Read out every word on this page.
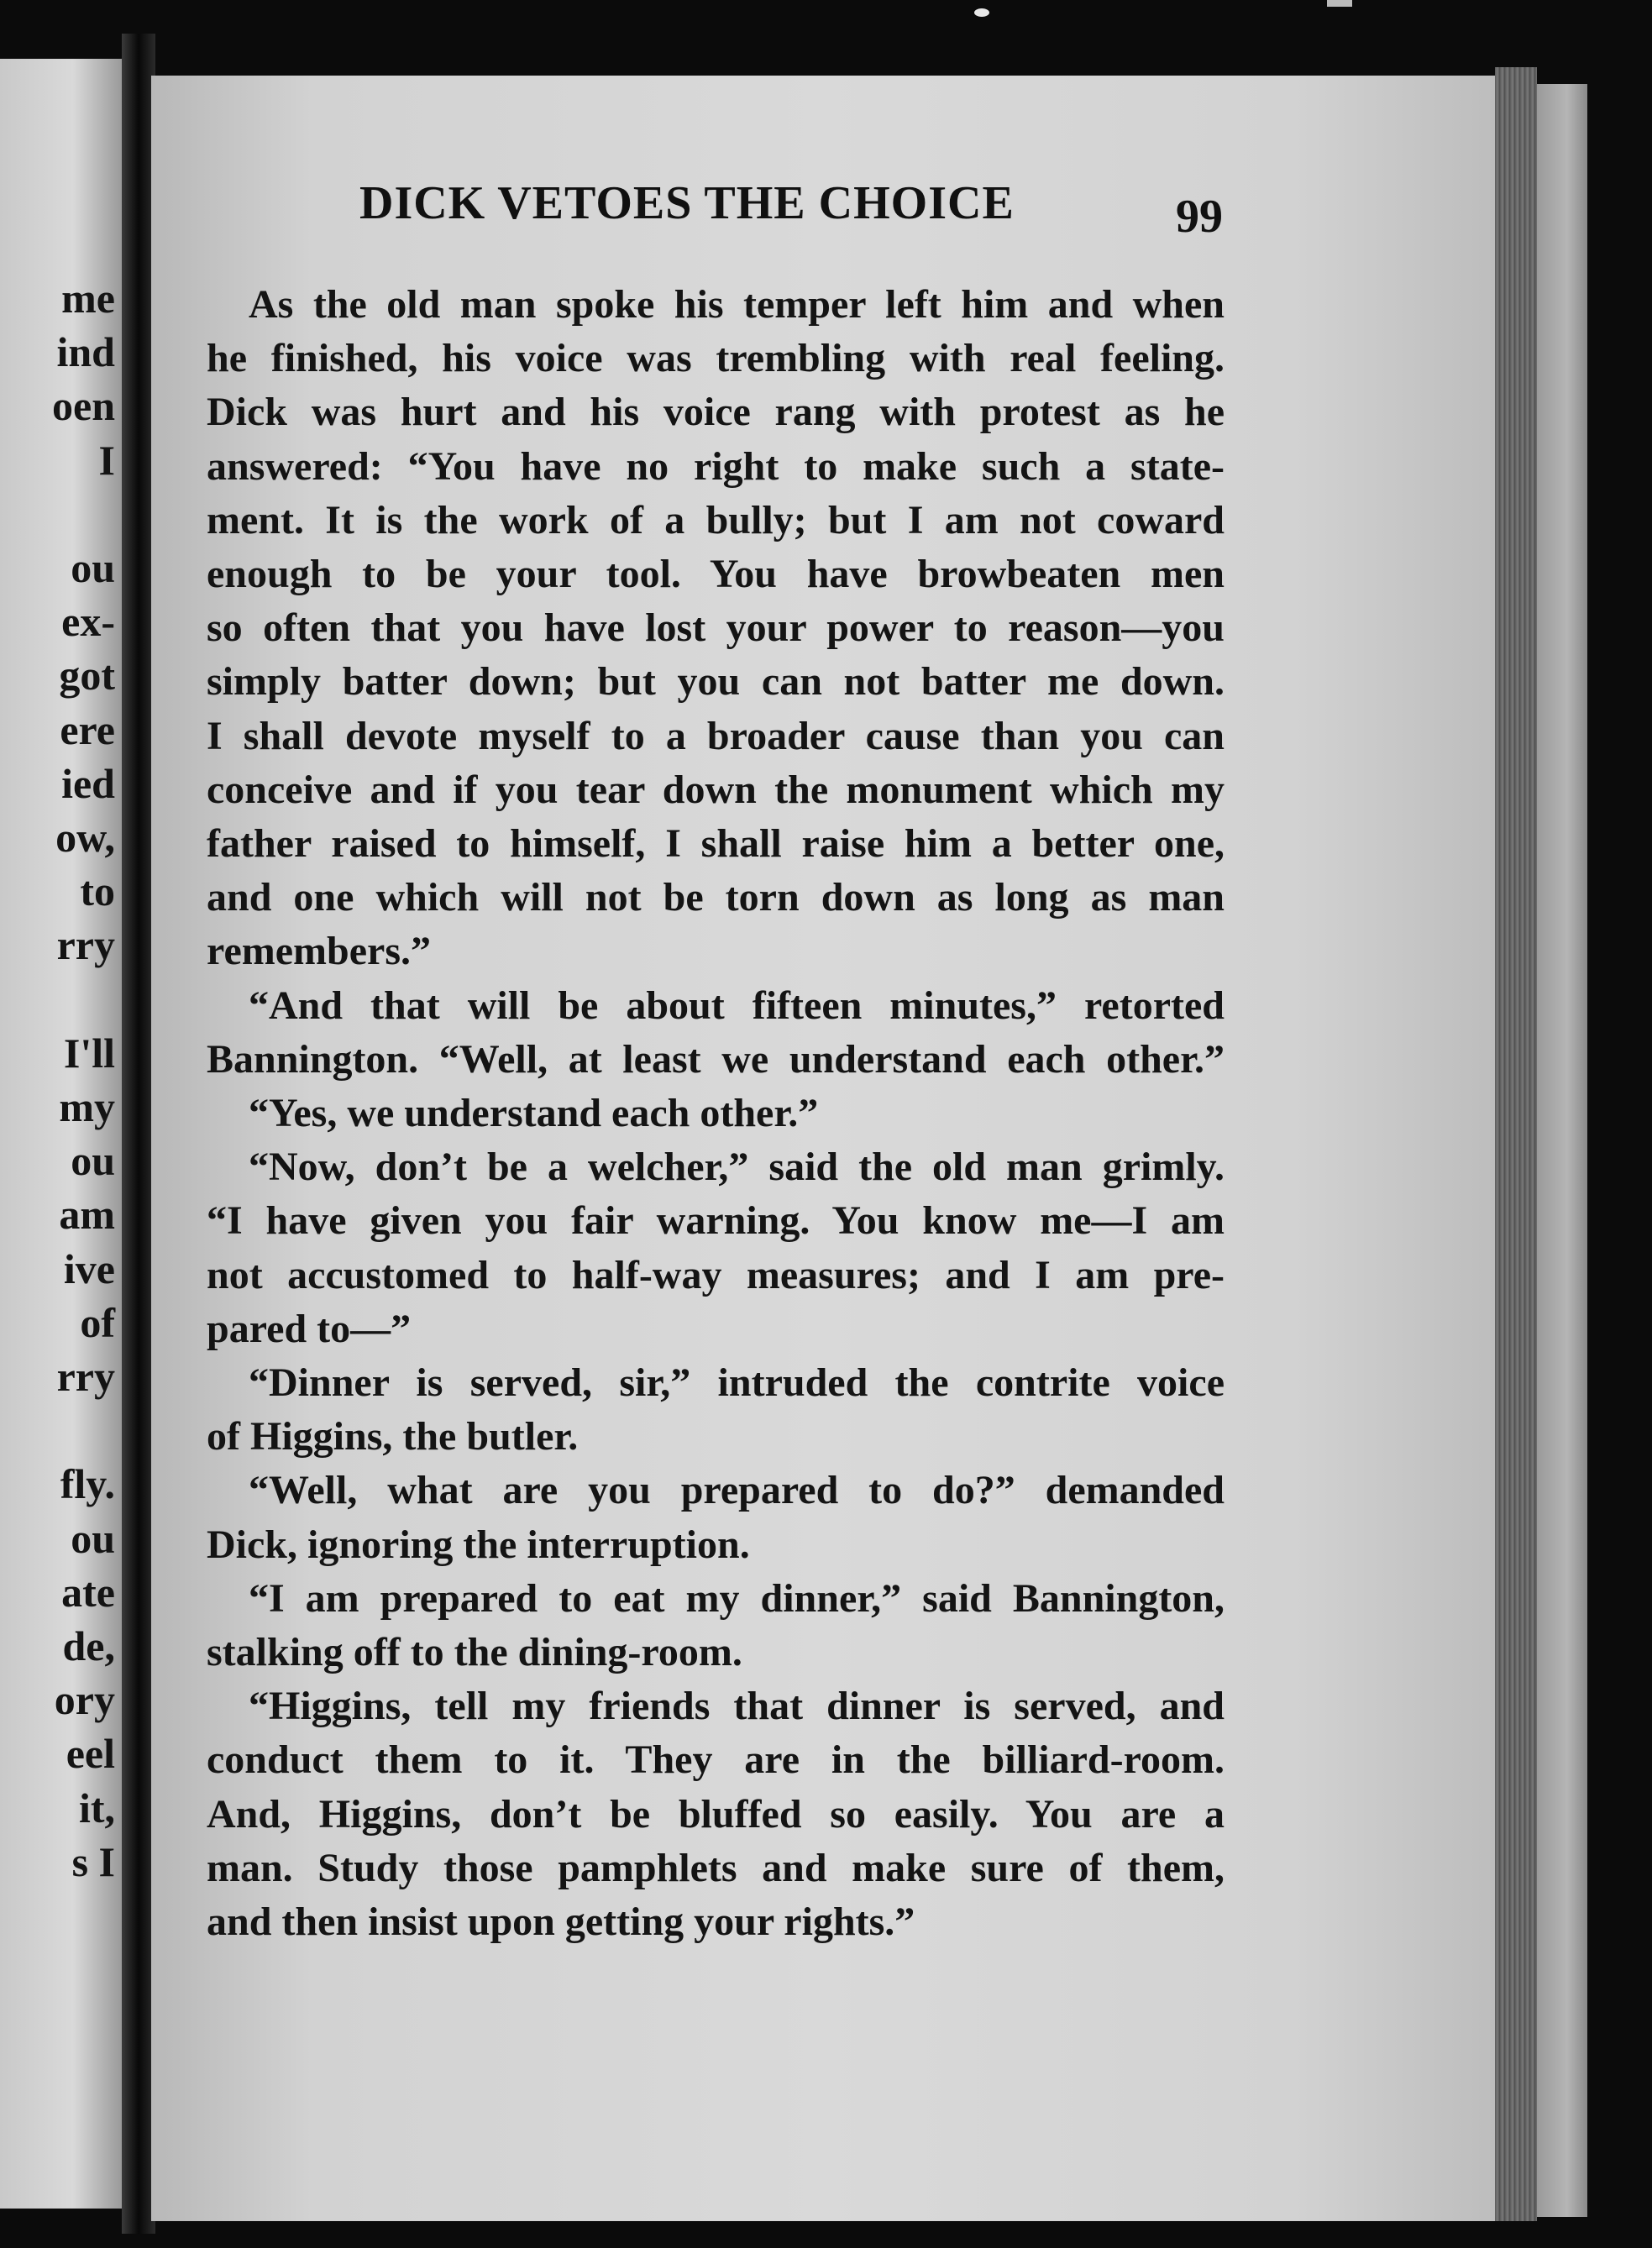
me
ind
oen
I
ou
ex-
got
ere
ied
ow,
to
rry
I'll
my
ou
am
ive
of
rry
fly.
ou
ate
de,
ory
eel
it,
s I
DICK VETOES THE CHOICE	99
As the old man spoke his temper left him and when
he finished, his voice was trembling with real feeling.
Dick was hurt and his voice rang with protest as he
answered: “You have no right to make such a state-
ment. It is the work of a bully; but I am not coward
enough to be your tool. You have browbeaten men
so often that you have lost your power to reason—you
simply batter down; but you can not batter me down.
I shall devote myself to a broader cause than you can
conceive and if you tear down the monument which my
father raised to himself, I shall raise him a better one,
and one which will not be torn down as long as man
remembers.”
“And that will be about fifteen minutes,” retorted
Bannington. “Well, at least we understand each other.”
“Yes, we understand each other.”
“Now, don’t be a welcher,” said the old man grimly.
“I have given you fair warning. You know me—I am
not accustomed to half-way measures; and I am pre-
pared to—”
“Dinner is served, sir,” intruded the contrite voice
of Higgins, the butler.
“Well, what are you prepared to do?” demanded
Dick, ignoring the interruption.
“I am prepared to eat my dinner,” said Bannington,
stalking off to the dining-room.
“Higgins, tell my friends that dinner is served, and
conduct them to it. They are in the billiard-room.
And, Higgins, don’t be bluffed so easily. You are a
man. Study those pamphlets and make sure of them,
and then insist upon getting your rights.”
